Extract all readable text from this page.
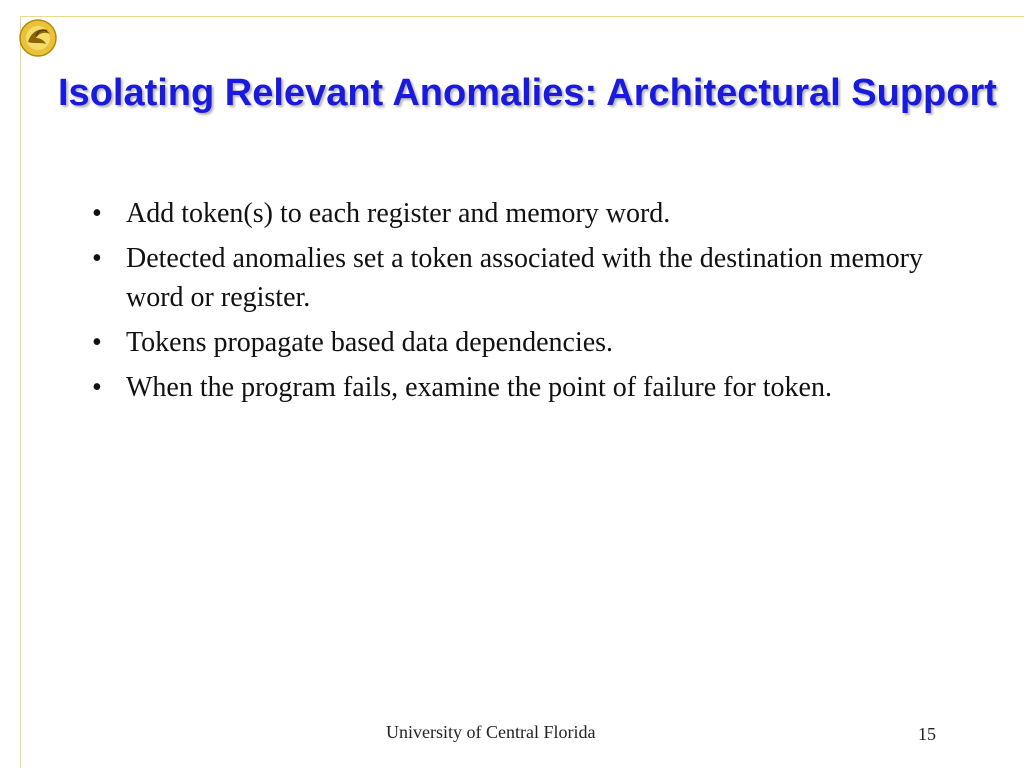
Isolating Relevant Anomalies: Architectural Support
• Add token(s) to each register and memory word.
• Detected anomalies set a token associated with the destination memory word or register.
• Tokens propagate based data dependencies.
• When the program fails, examine the point of failure for token.
University of Central Florida	15
